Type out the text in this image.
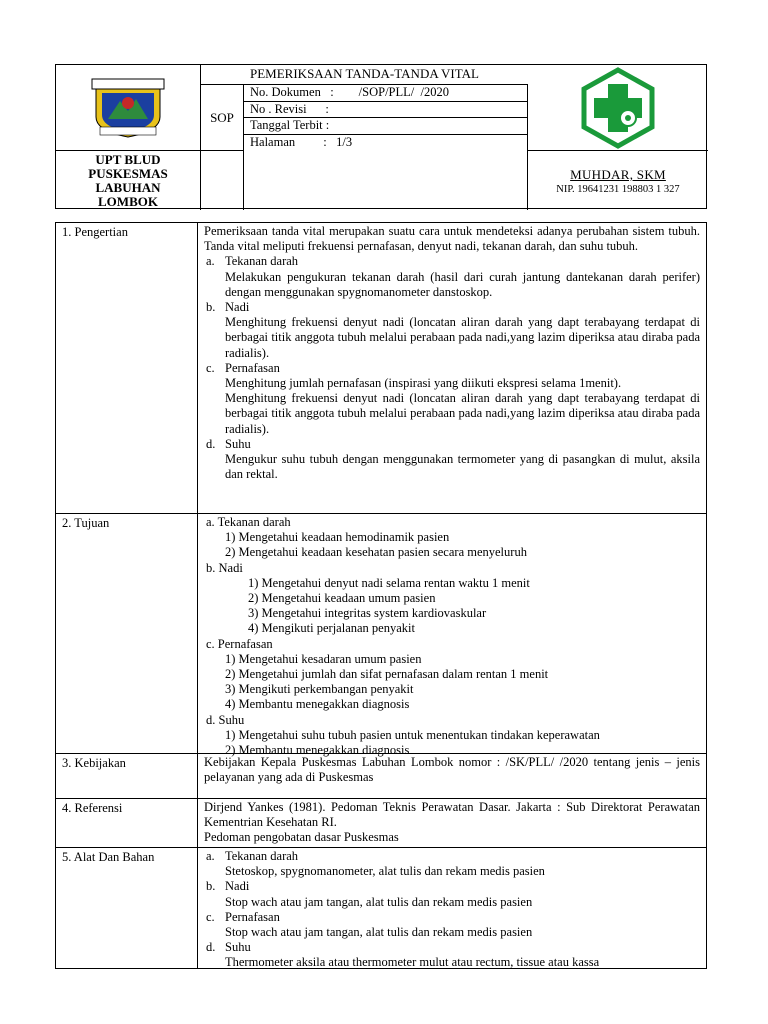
UPT BLUD
PUSKESMAS
LABUHAN
LOMBOK
PEMERIKSAAN TANDA-TANDA VITAL
SOP
No. Dokumen   :        /SOP/PLL/  /2020
No . Revisi      :
Tanggal Terbit :
Halaman         :   1/3
MUHDAR, SKM
NIP. 19641231 198803 1 327
1. Pengertian	Pemeriksaan tanda vital merupakan suatu cara untuk mendeteksi adanya perubahan sistem tubuh. Tanda vital meliputi frekuensi pernafasan, denyut nadi, tekanan darah, dan suhu tubuh.
a. Tekanan darah
Melakukan pengukuran tekanan darah (hasil dari curah jantung dantekanan darah perifer) dengan menggunakan spygnomanometer danstoskop.
b. Nadi
Menghitung frekuensi denyut nadi (loncatan aliran darah yang dapt terabayang terdapat di berbagai titik anggota tubuh melalui perabaan pada nadi,yang lazim diperiksa atau diraba pada radialis).
c. Pernafasan
Menghitung jumlah pernafasan (inspirasi yang diikuti ekspresi selama 1menit).
Menghitung frekuensi denyut nadi (loncatan aliran darah yang dapt terabayang terdapat di berbagai titik anggota tubuh melalui perabaan pada nadi,yang lazim diperiksa atau diraba pada radialis).
d. Suhu
Mengukur suhu tubuh dengan menggunakan termometer yang di pasangkan di mulut, aksila dan rektal.
2. Tujuan	a. Tekanan darah
1) Mengetahui keadaan hemodinamik pasien
2) Mengetahui keadaan kesehatan pasien secara menyeluruh
b. Nadi
1) Mengetahui denyut nadi selama rentan waktu 1 menit
2) Mengetahui keadaan umum pasien
3) Mengetahui integritas system kardiovaskular
4) Mengikuti perjalanan penyakit
c. Pernafasan
1) Mengetahui kesadaran umum pasien
2) Mengetahui jumlah dan sifat pernafasan dalam rentan 1 menit
3) Mengikuti perkembangan penyakit
4) Membantu menegakkan diagnosis
d. Suhu
1) Mengetahui suhu tubuh pasien untuk menentukan tindakan keperawatan
2) Membantu menegakkan diagnosis
3. Kebijakan	Kebijakan Kepala Puskesmas Labuhan Lombok nomor : /SK/PLL/ /2020 tentang jenis – jenis pelayanan yang ada di Puskesmas
4. Referensi	Dirjend Yankes (1981). Pedoman Teknis Perawatan Dasar. Jakarta : Sub Direktorat Perawatan Kementrian Kesehatan RI.
Pedoman pengobatan dasar Puskesmas
5. Alat Dan Bahan	a. Tekanan darah
Stetoskop, spygnomanometer, alat tulis dan rekam medis pasien
b. Nadi
Stop wach atau jam tangan, alat tulis dan rekam medis pasien
c. Pernafasan
Stop wach atau jam tangan, alat tulis dan rekam medis pasien
d. Suhu
Thermometer aksila atau thermometer mulut atau rectum, tissue atau kassa
